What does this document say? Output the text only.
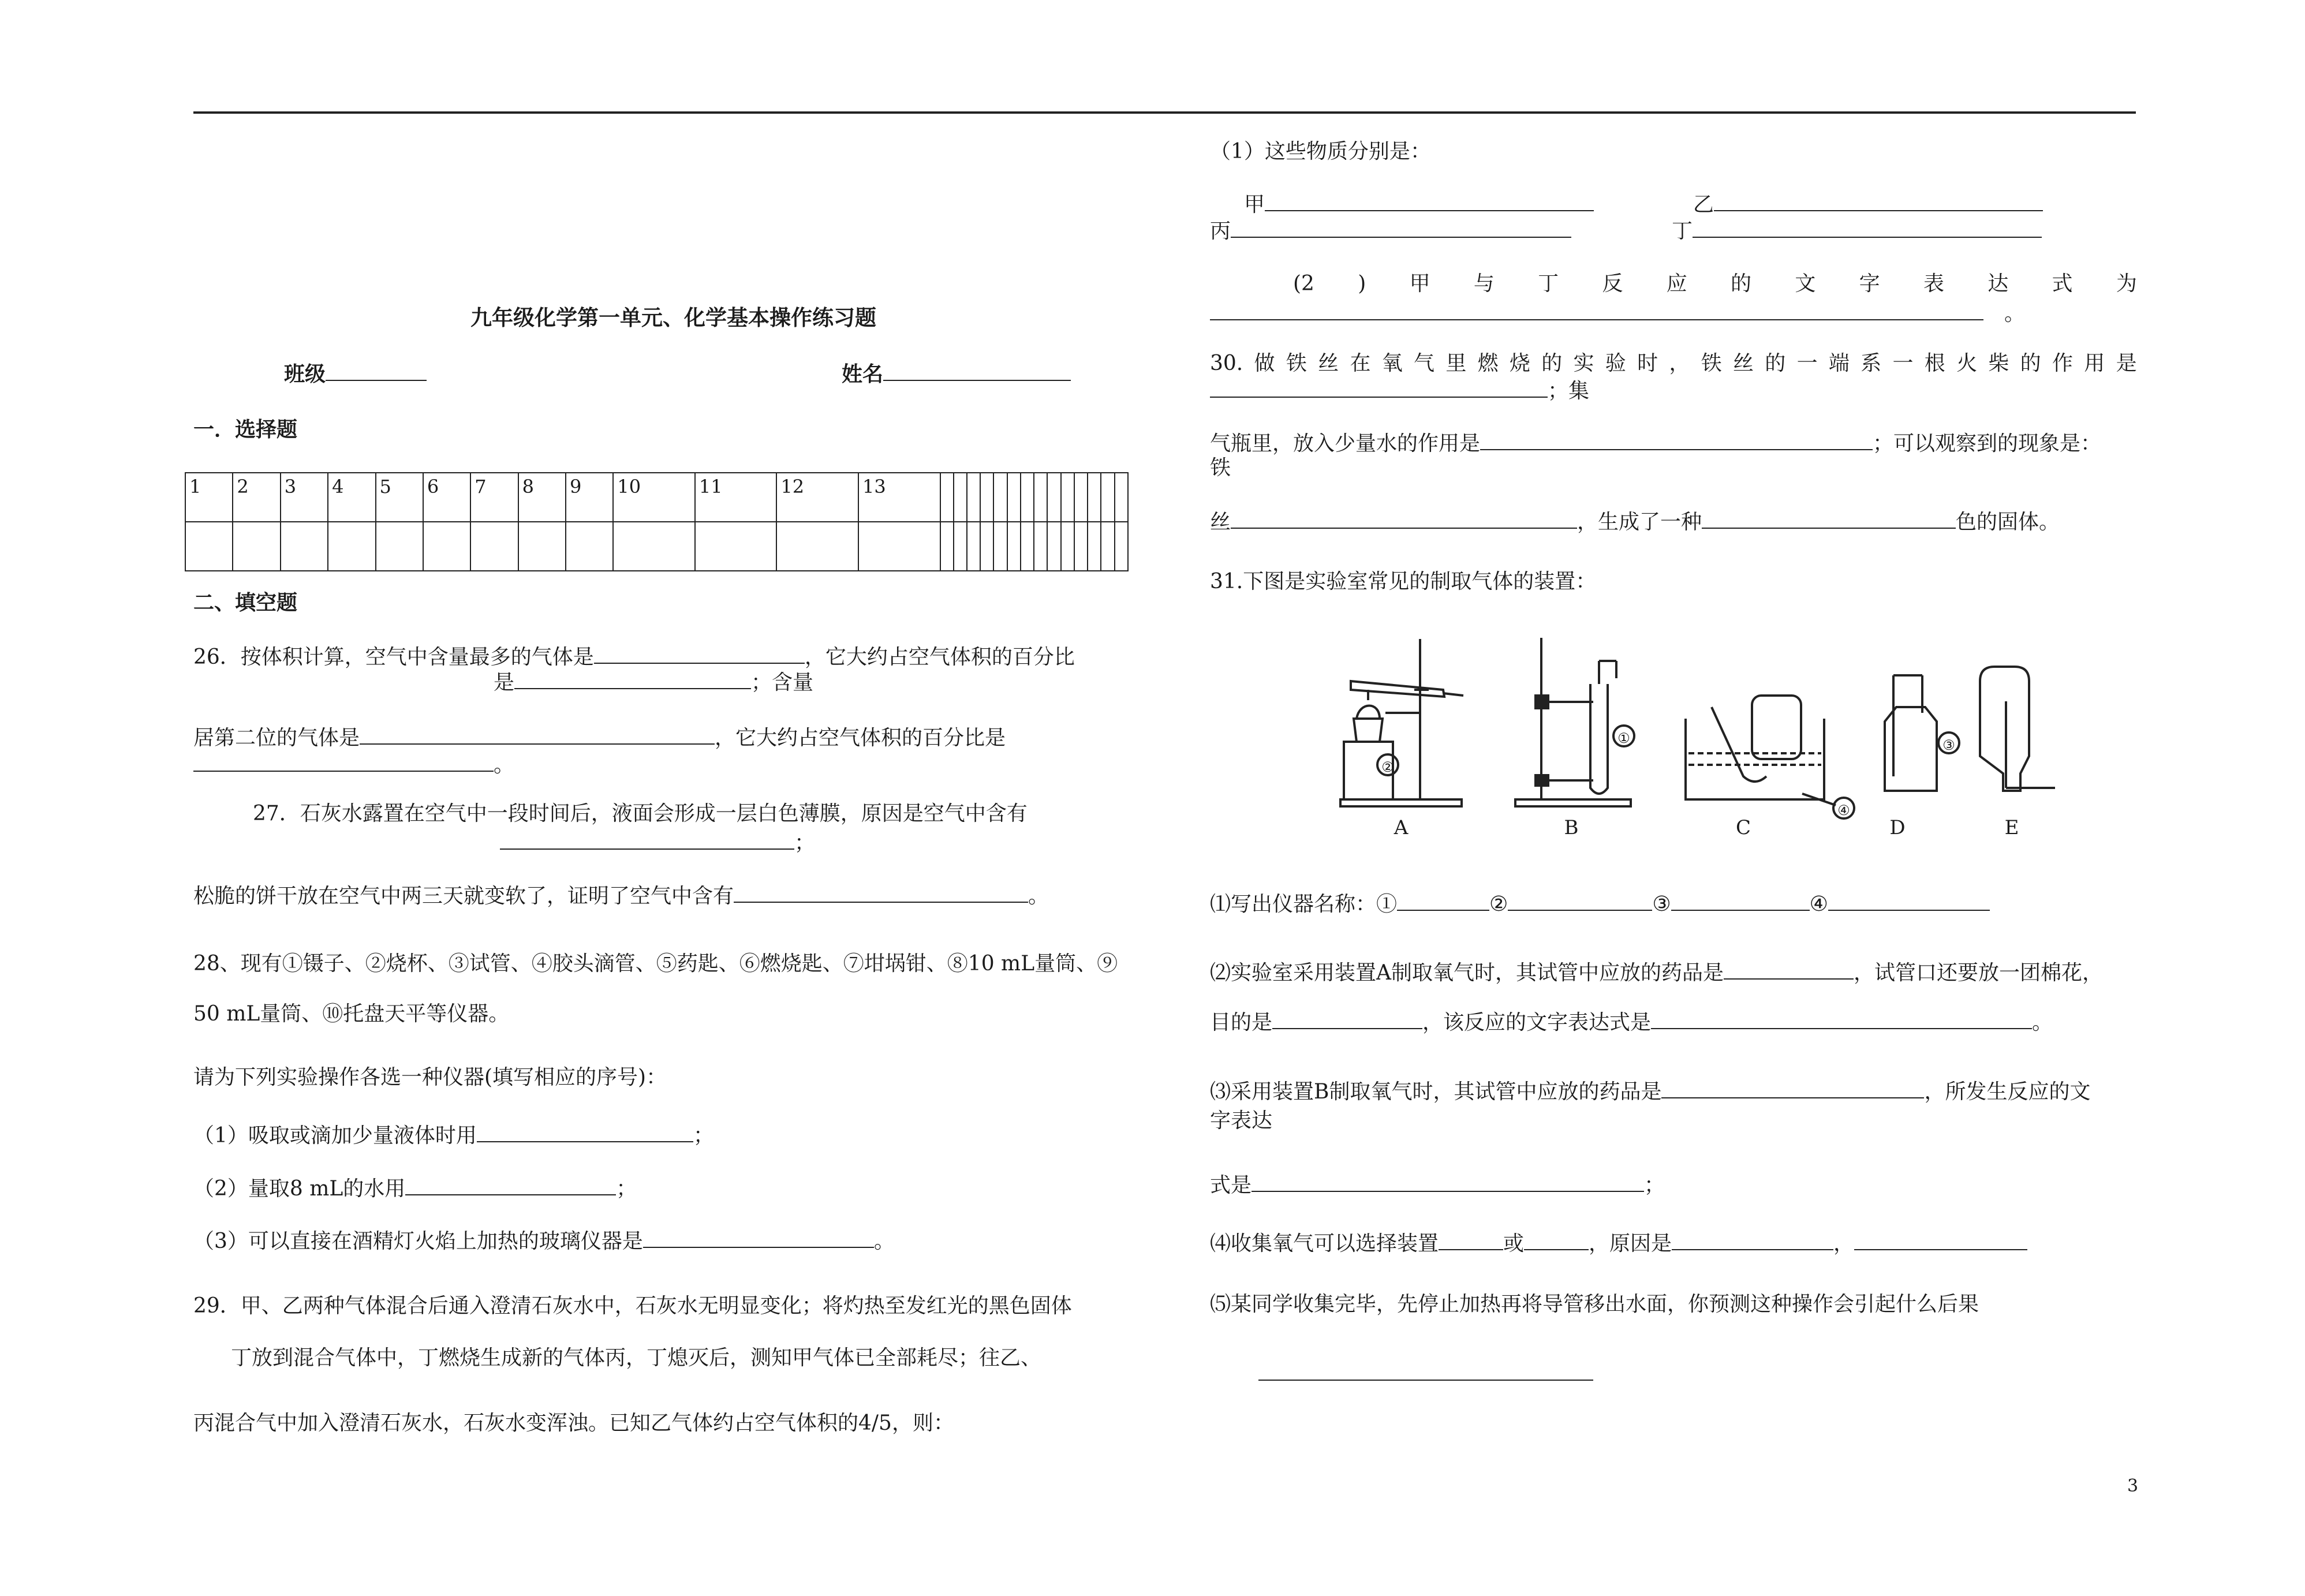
九年级化学第一单元、化学基本操作练习题
班级	姓名
一．选择题
1	2	3	4	5	6	7	8	9	10	11	12	13														

二、填空题
26．按体积计算，空气中含量最多的气体是	，它大约占空气体积的百分比
是	；含量
居第二位的气体是	，它大约占空气体积的百分比是
。
27．石灰水露置在空气中一段时间后，液面会形成一层白色薄膜，原因是空气中含有
；
松脆的饼干放在空气中两三天就变软了，证明了空气中含有	。
28、现有①镊子、②烧杯、③试管、④胶头滴管、⑤药匙、⑥燃烧匙、⑦坩埚钳、⑧10 mL量筒、⑨
50 mL量筒、⑩托盘天平等仪器。
请为下列实验操作各选一种仪器(填写相应的序号)：
（1）吸取或滴加少量液体时用	；
（2）量取8 mL的水用	；
（3）可以直接在酒精灯火焰上加热的玻璃仪器是	。
29．甲、乙两种气体混合后通入澄清石灰水中，石灰水无明显变化；将灼热至发红光的黑色固体
丁放到混合气体中，丁燃烧生成新的气体丙，丁熄灭后，测知甲气体已全部耗尽；往乙、
丙混合气中加入澄清石灰水，石灰水变浑浊。已知乙气体约占空气体积的4/5，则：
（1）这些物质分别是：
甲	乙
丙	丁
(2 ) 甲 与 丁 反 应 的 文 字 表 达 式 为
。
30. 做 铁 丝 在 氧 气 里 燃 烧 的 实 验 时 ， 铁 丝 的 一 端 系 一 根 火 柴 的 作 用 是
；集
气瓶里，放入少量水的作用是	；可以观察到的现象是：
铁
丝	，生成了一种	色的固体。
31.下图是实验室常见的制取气体的装置：
②
①
④
③
A	B	C	D	E
⑴写出仪器名称：①	②	③	④
⑵实验室采用装置A制取氧气时，其试管中应放的药品是	，试管口还要放一团棉花，
目的是	，该反应的文字表达式是	。
⑶采用装置B制取氧气时，其试管中应放的药品是	，所发生反应的文
字表达
式是	；
⑷收集氧气可以选择装置	或	，原因是	，
⑸某同学收集完毕，先停止加热再将导管移出水面，你预测这种操作会引起什么后果
3
